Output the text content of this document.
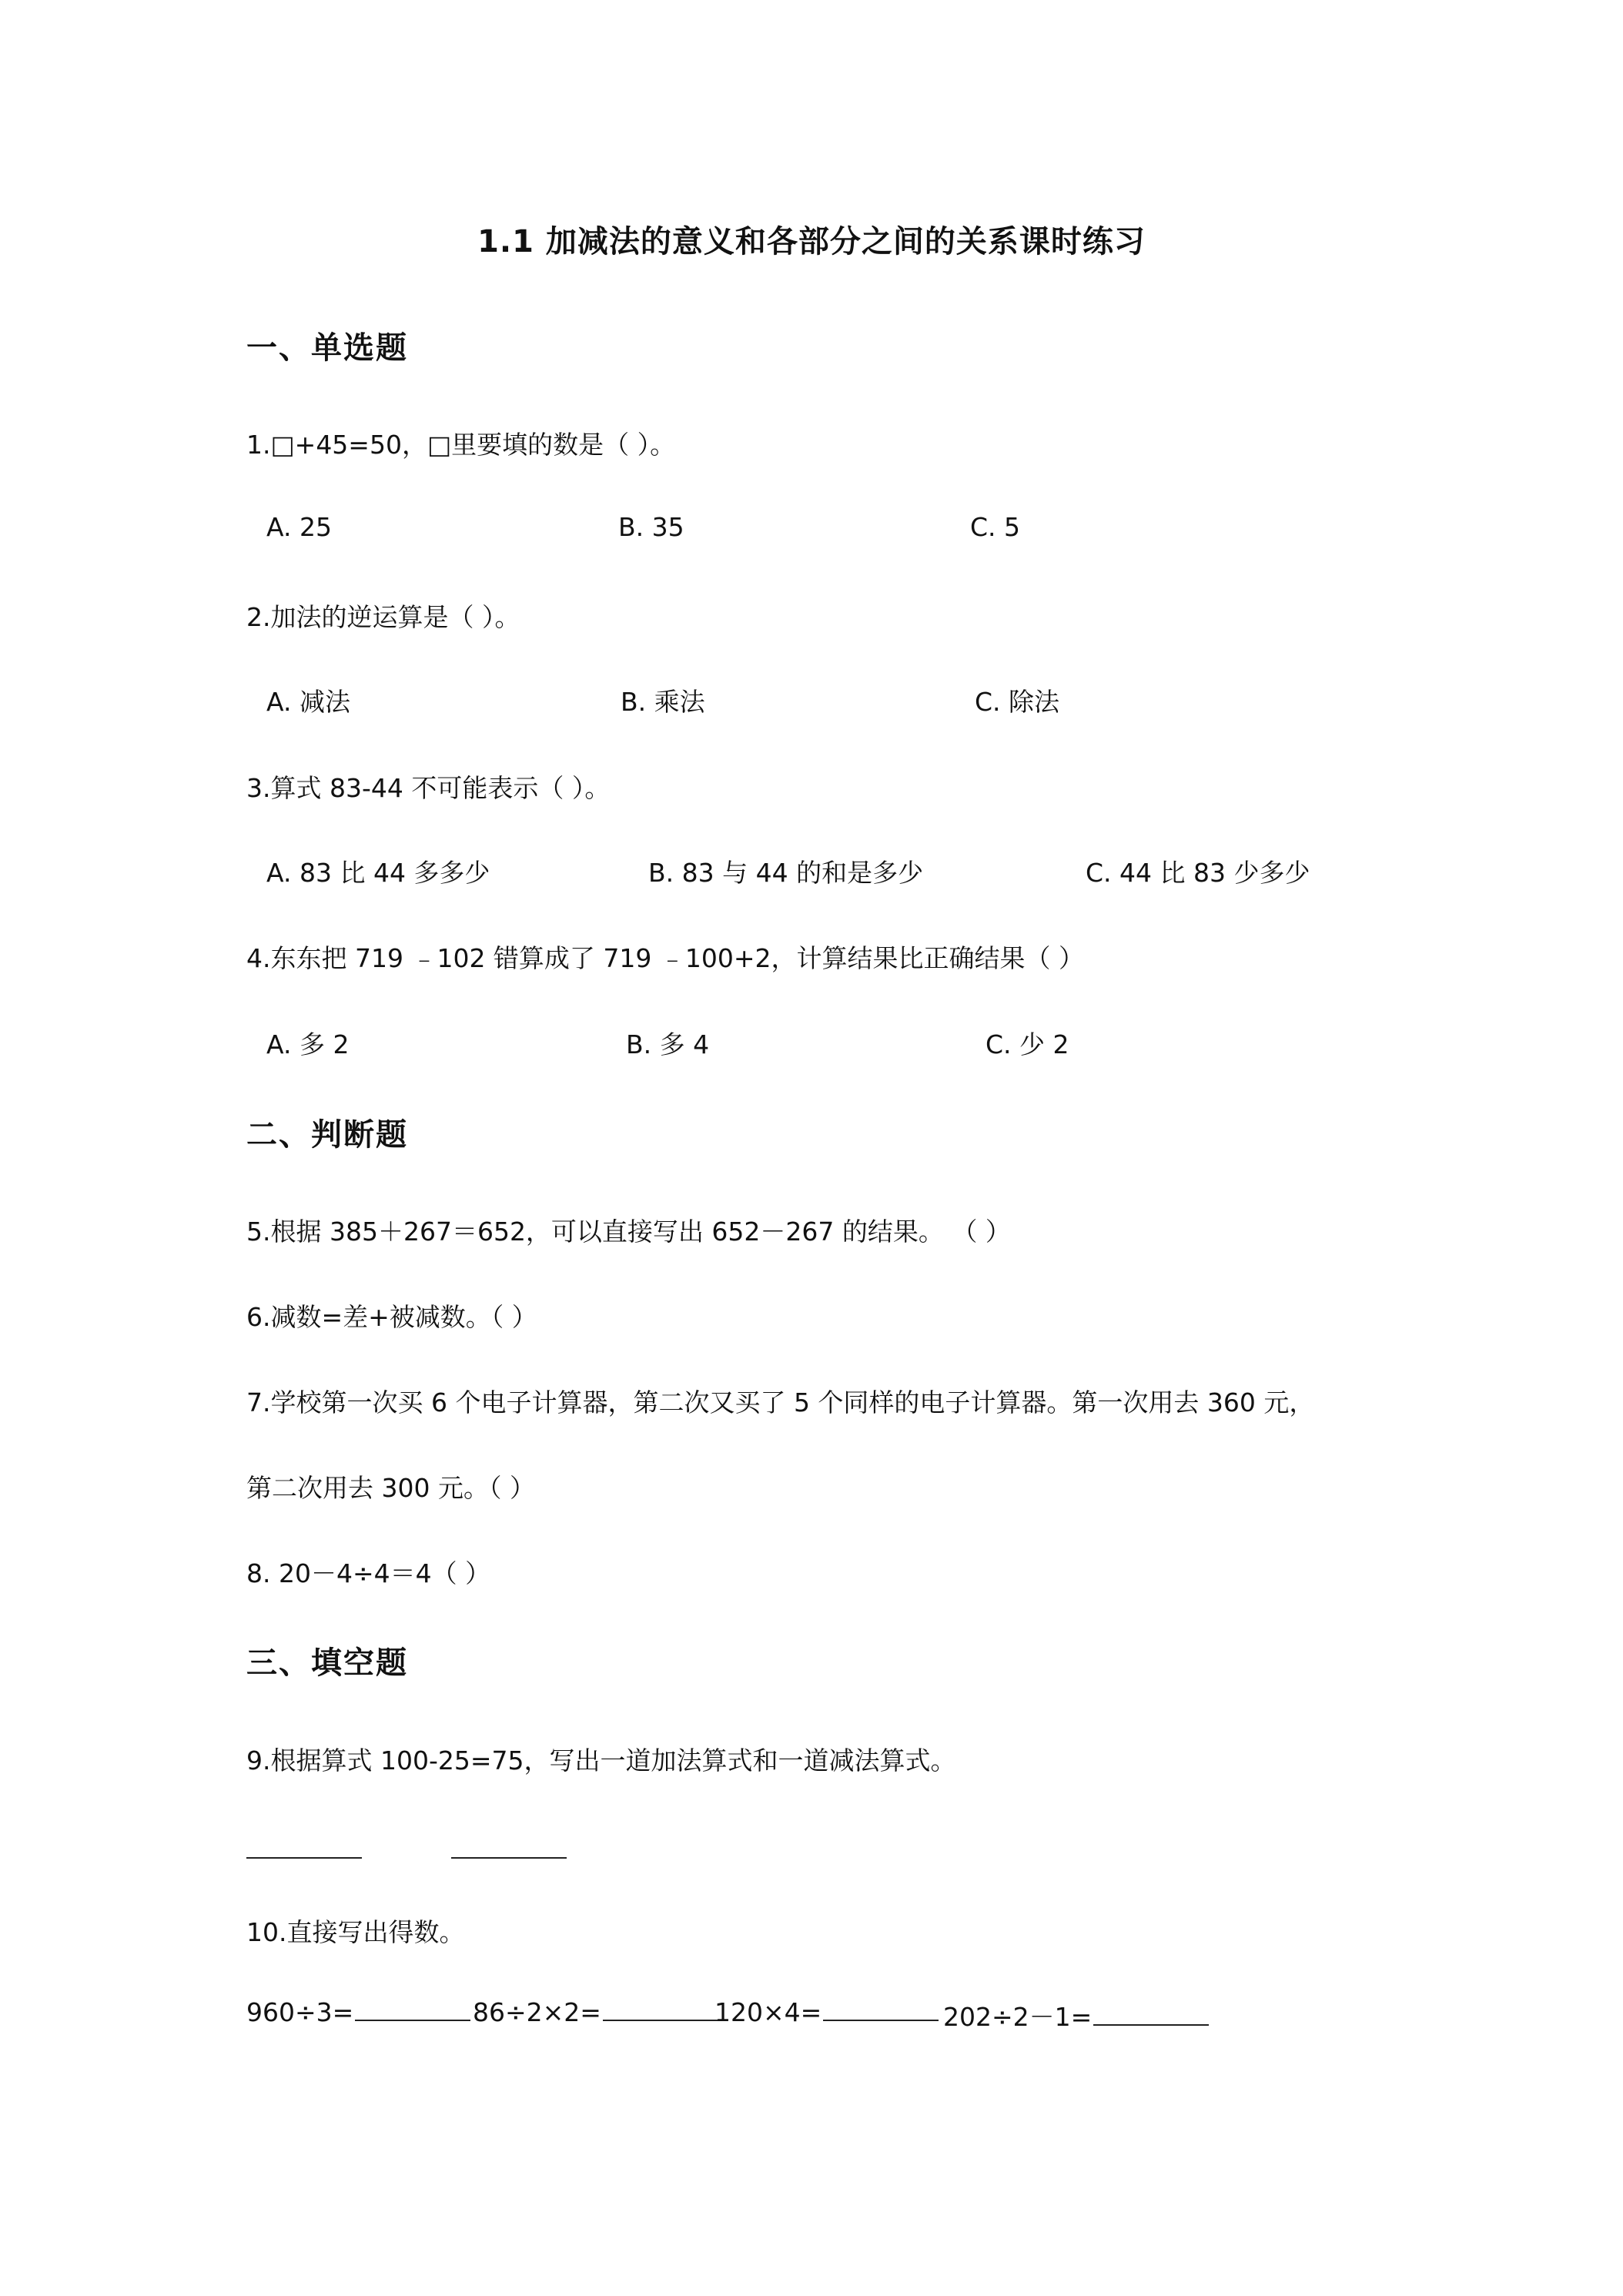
1.1 加减法的意义和各部分之间的关系课时练习
一、单选题
1.□+45=50，□里要填的数是（ ）。
A. 25	B. 35	C. 5
2.加法的逆运算是（ ）。
A. 减法	B. 乘法	C. 除法
3.算式 83-44 不可能表示（ ）。
A. 83 比 44 多多少	B. 83 与 44 的和是多少	C. 44 比 83 少多少
4.东东把 719 ﹣102 错算成了 719 ﹣100+2，计算结果比正确结果（ ）
A. 多 2	B. 多 4	C. 少 2
二、判断题
5.根据 385＋267＝652，可以直接写出 652－267 的结果。 （ ）
6.减数=差+被减数。（ ）
7.学校第一次买 6 个电子计算器，第二次又买了 5 个同样的电子计算器。第一次用去 360 元，
第二次用去 300 元。（ ）
8. 20－4÷4＝4（ ）
三、填空题
9.根据算式 100-25=75，写出一道加法算式和一道减法算式。
10.直接写出得数。
960÷3=	86÷2×2=	120×4=	202÷2－1=
